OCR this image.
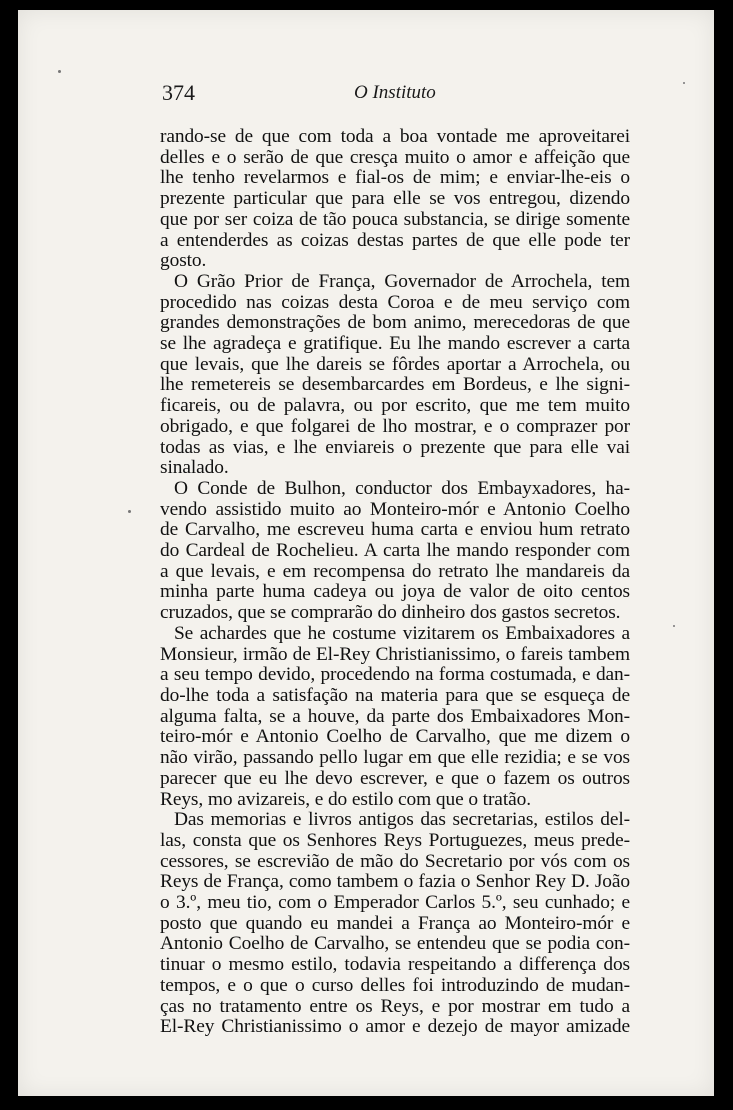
374	O Instituto
rando-se de que com toda a boa vontade me aproveitarei
delles e o serão de que cresça muito o amor e affeição que
lhe tenho revelarmos e fial-os de mim; e enviar-lhe-eis o
prezente particular que para elle se vos entregou, dizendo
que por ser coiza de tão pouca substancia, se dirige somente
a entenderdes as coizas destas partes de que elle pode ter
gosto.
O Grão Prior de França, Governador de Arrochela, tem
procedido nas coizas desta Coroa e de meu serviço com
grandes demonstrações de bom animo, merecedoras de que
se lhe agradeça e gratifique. Eu lhe mando escrever a carta
que levais, que lhe dareis se fôrdes aportar a Arrochela, ou
lhe remetereis se desembarcardes em Bordeus, e lhe signi-
ficareis, ou de palavra, ou por escrito, que me tem muito
obrigado, e que folgarei de lho mostrar, e o comprazer por
todas as vias, e lhe enviareis o prezente que para elle vai
sinalado.
O Conde de Bulhon, conductor dos Embayxadores, ha-
vendo assistido muito ao Monteiro-mór e Antonio Coelho
de Carvalho, me escreveu huma carta e enviou hum retrato
do Cardeal de Rochelieu. A carta lhe mando responder com
a que levais, e em recompensa do retrato lhe mandareis da
minha parte huma cadeya ou joya de valor de oito centos
cruzados, que se comprarão do dinheiro dos gastos secretos.
Se achardes que he costume vizitarem os Embaixadores a
Monsieur, irmão de El-Rey Christianissimo, o fareis tambem
a seu tempo devido, procedendo na forma costumada, e dan-
do-lhe toda a satisfação na materia para que se esqueça de
alguma falta, se a houve, da parte dos Embaixadores Mon-
teiro-mór e Antonio Coelho de Carvalho, que me dizem o
não virão, passando pello lugar em que elle rezidia; e se vos
parecer que eu lhe devo escrever, e que o fazem os outros
Reys, mo avizareis, e do estilo com que o tratão.
Das memorias e livros antigos das secretarias, estilos del-
las, consta que os Senhores Reys Portuguezes, meus prede-
cessores, se escrevião de mão do Secretario por vós com os
Reys de França, como tambem o fazia o Senhor Rey D. João
o 3.º, meu tio, com o Emperador Carlos 5.º, seu cunhado; e
posto que quando eu mandei a França ao Monteiro-mór e
Antonio Coelho de Carvalho, se entendeu que se podia con-
tinuar o mesmo estilo, todavia respeitando a differença dos
tempos, e o que o curso delles foi introduzindo de mudan-
ças no tratamento entre os Reys, e por mostrar em tudo a
El-Rey Christianissimo o amor e dezejo de mayor amizade
